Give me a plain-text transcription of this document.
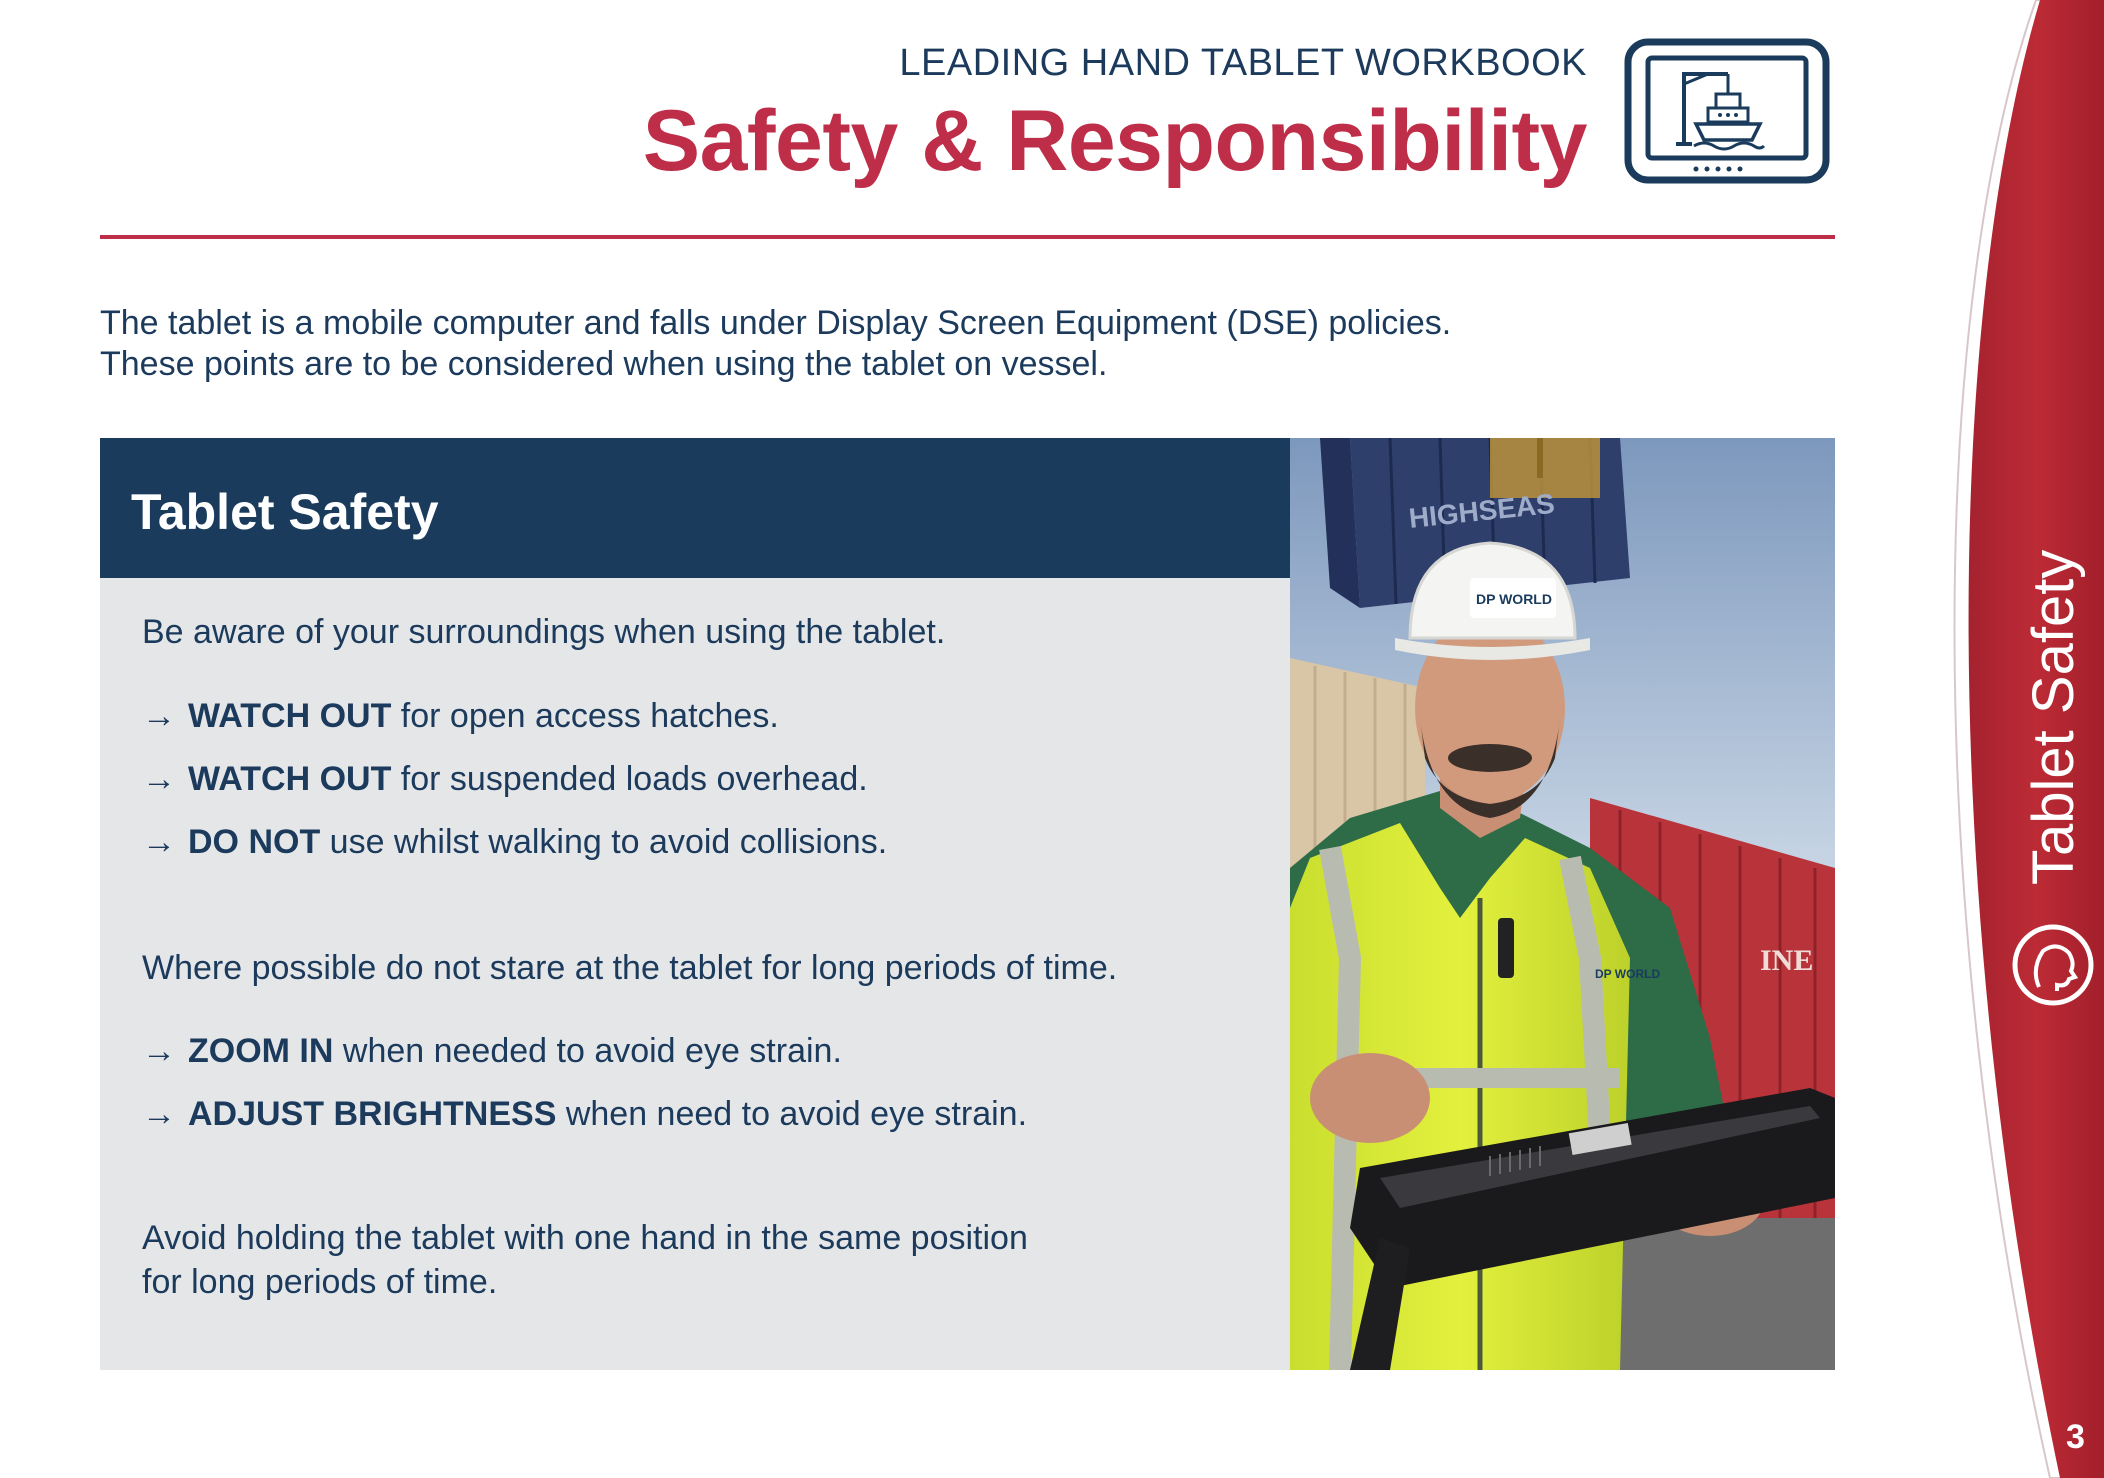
LEADING HAND TABLET WORKBOOK
Safety & Responsibility

The tablet is a mobile computer and falls under Display Screen Equipment (DSE) policies.

These points are to be considered when using the tablet on vessel.

Tablet Safety
Be aware of your surroundings when using the tablet.
→ WATCH OUT for open access hatches.
→ WATCH OUT for suspended loads overhead.
→ DO NOT use whilst walking to avoid collisions.
Where possible do not stare at the tablet for long periods of time.
→ ZOOM IN when needed to avoid eye strain.
→ ADJUST BRIGHTNESS when need to avoid eye strain.
Avoid holding the tablet with one hand in the same position
for long periods of time.
DP WORLD
DP WORLD
HIGHSEAS
INE
Tablet Safety
3
